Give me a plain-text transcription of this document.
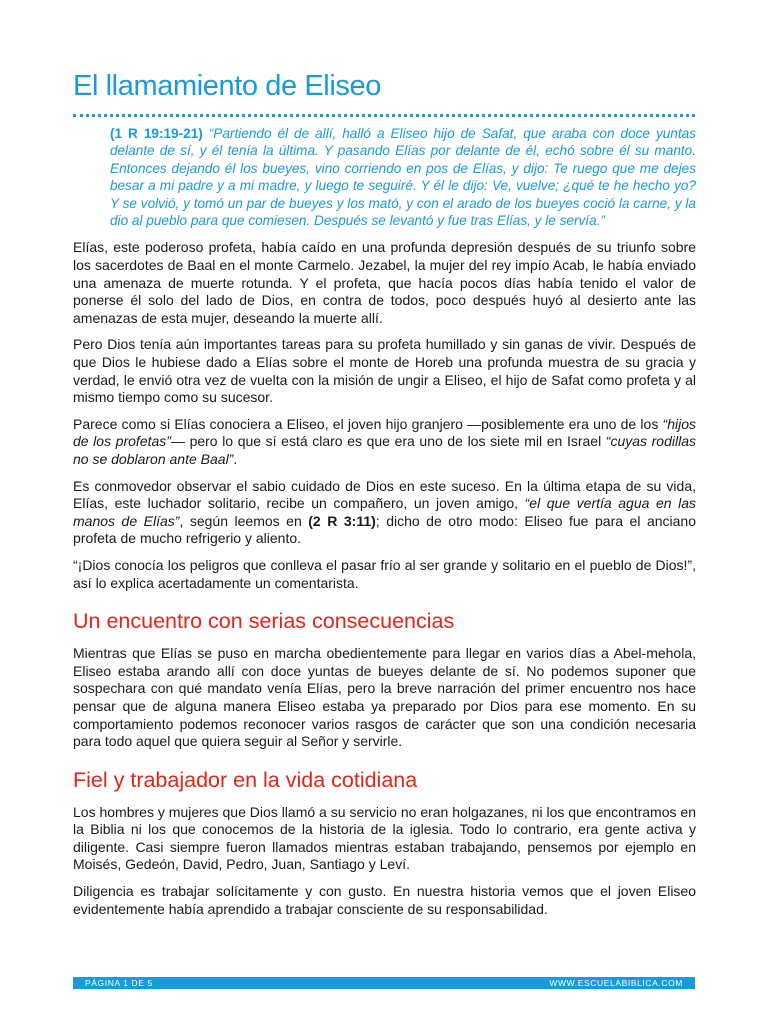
El llamamiento de Eliseo
(1 R 19:19-21) “Partiendo él de allí, halló a Eliseo hijo de Safat, que araba con doce yuntas delante de sí, y él tenía la última. Y pasando Elías por delante de él, echó sobre él su manto. Entonces dejando él los bueyes, vino corriendo en pos de Elías, y dijo: Te ruego que me dejes besar a mi padre y a mi madre, y luego te seguiré. Y él le dijo: Ve, vuelve; ¿qué te he hecho yo? Y se volvió, y tomó un par de bueyes y los mató, y con el arado de los bueyes coció la carne, y la dio al pueblo para que comiesen. Después se levantó y fue tras Elías, y le servía.”

Elías, este poderoso profeta, había caído en una profunda depresión después de su triunfo sobre los sacerdotes de Baal en el monte Carmelo. Jezabel, la mujer del rey impío Acab, le había enviado una amenaza de muerte rotunda. Y el profeta, que hacía pocos días había tenido el valor de ponerse él solo del lado de Dios, en contra de todos, poco después huyó al desierto ante las amenazas de esta mujer, deseando la muerte allí.

Pero Dios tenía aún importantes tareas para su profeta humillado y sin ganas de vivir. Después de que Dios le hubiese dado a Elías sobre el monte de Horeb una profunda muestra de su gracia y verdad, le envió otra vez de vuelta con la misión de ungir a Eliseo, el hijo de Safat como profeta y al mismo tiempo como su sucesor.

Parece como si Elías conociera a Eliseo, el joven hijo granjero —posiblemente era uno de los “hijos de los profetas”— pero lo que sí está claro es que era uno de los siete mil en Israel “cuyas rodillas no se doblaron ante Baal”.

Es conmovedor observar el sabio cuidado de Dios en este suceso. En la última etapa de su vida, Elías, este luchador solitario, recibe un compañero, un joven amigo, “el que vertía agua en las manos de Elías”, según leemos en (2 R 3:11); dicho de otro modo: Eliseo fue para el anciano profeta de mucho refrigerio y aliento.

“¡Dios conocía los peligros que conlleva el pasar frío al ser grande y solitario en el pueblo de Dios!”, así lo explica acertadamente un comentarista.

Un encuentro con serias consecuencias

Mientras que Elías se puso en marcha obedientemente para llegar en varios días a Abel-mehola, Eliseo estaba arando allí con doce yuntas de bueyes delante de sí. No podemos suponer que sospechara con qué mandato venía Elías, pero la breve narración del primer encuentro nos hace pensar que de alguna manera Eliseo estaba ya preparado por Dios para ese momento. En su comportamiento podemos reconocer varios rasgos de carácter que son una condición necesaria para todo aquel que quiera seguir al Señor y servirle.

Fiel y trabajador en la vida cotidiana

Los hombres y mujeres que Dios llamó a su servicio no eran holgazanes, ni los que encontramos en la Biblia ni los que conocemos de la historia de la iglesia. Todo lo contrario, era gente activa y diligente. Casi siempre fueron llamados mientras estaban trabajando, pensemos por ejemplo en Moisés, Gedeón, David, Pedro, Juan, Santiago y Leví.

Diligencia es trabajar solícitamente y con gusto. En nuestra historia vemos que el joven Eliseo evidentemente había aprendido a trabajar consciente de su responsabilidad.

PÁGINA 1 DE 5	WWW.ESCUELABIBLICA.COM
